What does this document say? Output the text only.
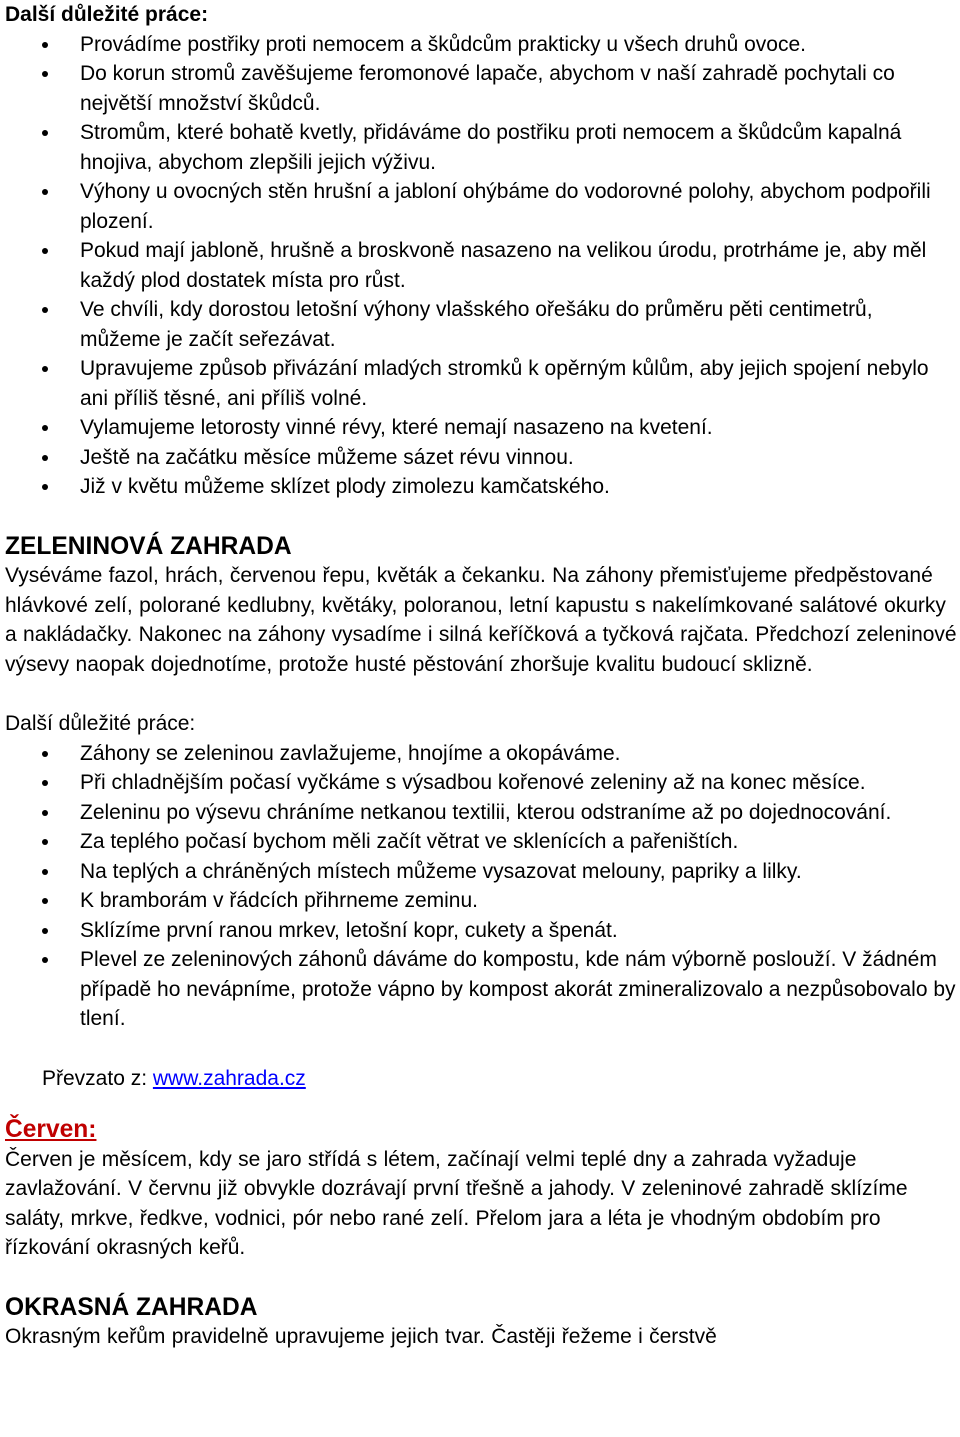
Další důležité práce:
Provádíme postřiky proti nemocem a škůdcům prakticky u všech druhů ovoce.
Do korun stromů zavěšujeme feromonové lapače, abychom v naší zahradě pochytali co největší množství škůdců.
Stromům, které bohatě kvetly, přidáváme do postřiku proti nemocem a škůdcům kapalná hnojiva, abychom zlepšili jejich výživu.
Výhony u ovocných stěn hrušní a jabloní ohýbáme do vodorovné polohy, abychom podpořili plození.
Pokud mají jabloně, hrušně a broskvoně nasazeno na velikou úrodu, protrháme je, aby měl každý plod dostatek místa pro růst.
Ve chvíli, kdy dorostou letošní výhony vlašského ořešáku do průměru pěti centimetrů, můžeme je začít seřezávat.
Upravujeme způsob přivázání mladých stromků k opěrným kůlům, aby jejich spojení nebylo ani příliš těsné, ani příliš volné.
Vylamujeme letorosty vinné révy, které nemají nasazeno na kvetení.
Ještě na začátku měsíce můžeme sázet révu vinnou.
Již v květu můžeme sklízet plody zimolezu kamčatského.
ZELENINOVÁ ZAHRADA

Vyséváme fazol, hrách, červenou řepu, květák a čekanku. Na záhony přemisťujeme předpěstované hlávkové zelí, polorané kedlubny, květáky, poloranou, letní kapustu s nakelímkované salátové okurky a nakládačky. Nakonec na záhony vysadíme i silná keříčková a tyčková rajčata. Předchozí zeleninové výsevy naopak dojednotíme, protože husté pěstování zhoršuje kvalitu budoucí sklizně.

Další důležité práce:
Záhony se zeleninou zavlažujeme, hnojíme a okopáváme.
Při chladnějším počasí vyčkáme s výsadbou kořenové zeleniny až na konec měsíce.
Zeleninu po výsevu chráníme netkanou textilii, kterou odstraníme až po dojednocování.
Za teplého počasí bychom měli začít větrat ve sklenících a pařeništích.
Na teplých a chráněných místech můžeme vysazovat melouny, papriky a lilky.
K bramborám v řádcích přihrneme zeminu.
Sklízíme první ranou mrkev, letošní kopr, cukety a špenát.
Plevel ze zeleninových záhonů dáváme do kompostu, kde nám výborně poslouží. V žádném případě ho nevápníme, protože vápno by kompost akorát zmineralizovalo a nezpůsobovalo by tlení.

Převzato z: www.zahrada.cz

Červen:

Červen je měsícem, kdy se jaro střídá s létem, začínají velmi teplé dny a zahrada vyžaduje zavlažování. V červnu již obvykle dozrávají první třešně a jahody. V zeleninové zahradě sklízíme saláty, mrkve, ředkve, vodnici, pór nebo rané zelí. Přelom jara a léta je vhodným obdobím pro řízkování okrasných keřů.

OKRASNÁ ZAHRADA

Okrasným keřům pravidelně upravujeme jejich tvar. Častěji řežeme i čerstvě
